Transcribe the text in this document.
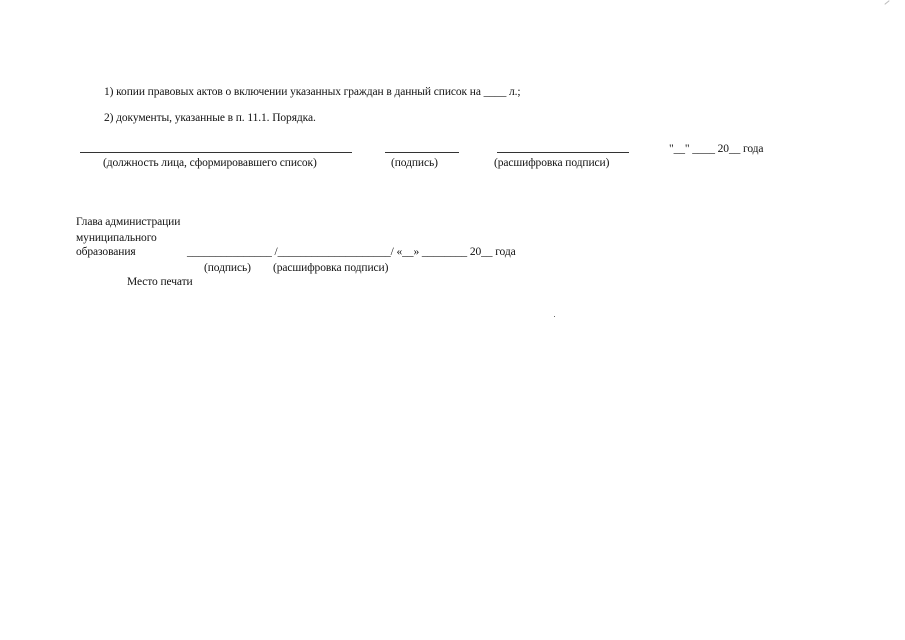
1) копии правовых актов о включении указанных граждан в данный список на ____ л.;
2) документы, указанные в п. 11.1. Порядка.
"__" ____ 20__ года
(должность лица, сформировавшего список)	(подпись)	(расшифровка подписи)
Глава администрации
муниципального
образования	_______________ /____________________/ «__» ________ 20__ года
(подпись) (расшифровка подписи)
Место печати
